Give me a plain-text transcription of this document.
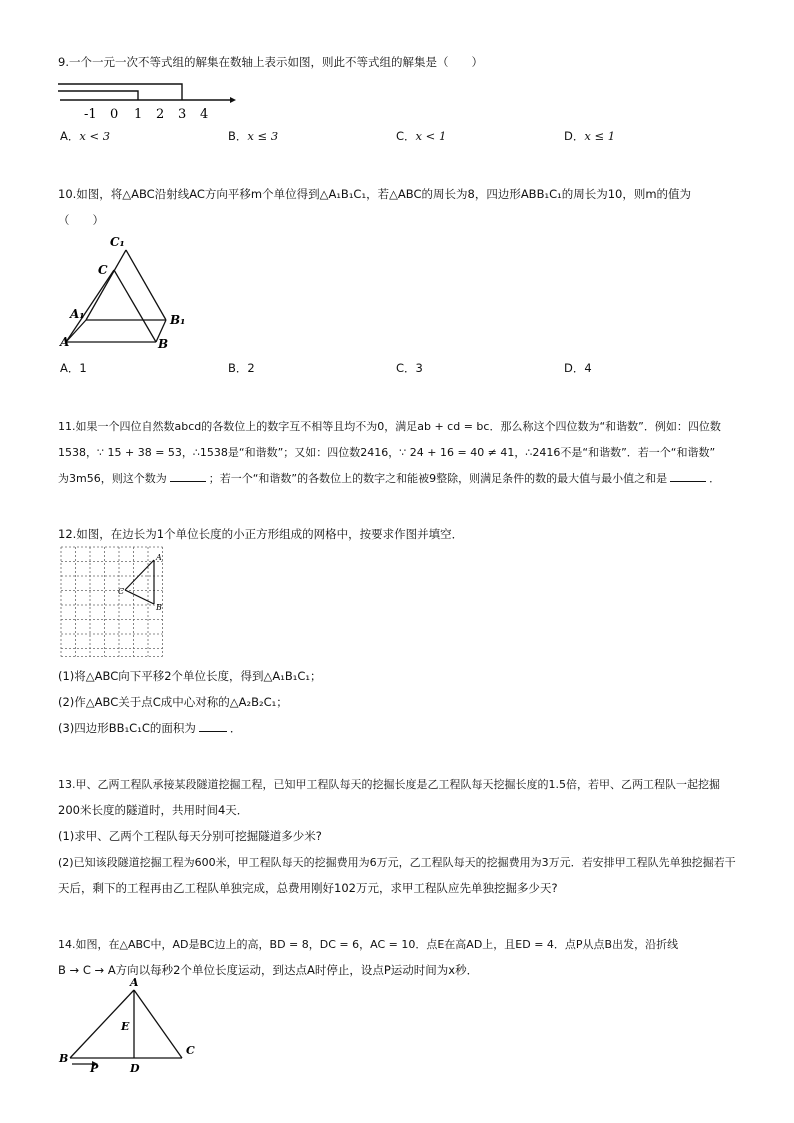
9.一个一元一次不等式组的解集在数轴上表示如图，则此不等式组的解集是（　　）
-1 0 1 2 3 4
A．x < 3	B．x ≤ 3	C．x < 1	D．x ≤ 1
10.如图，将△ABC沿射线AC方向平移m个单位得到△A₁B₁C₁，若△ABC的周长为8，四边形ABB₁C₁的周长为10，则m的值为
（　　）
C₁
C
A₁	B₁
A	B
A．1	B．2	C．3	D．4
11.如果一个四位自然数abcd的各数位上的数字互不相等且均不为0，满足ab + cd = bc．那么称这个四位数为“和谐数”．例如：四位数
1538，∵ 15 + 38 = 53，∴1538是“和谐数”；又如：四位数2416，∵ 24 + 16 = 40 ≠ 41，∴2416不是“和谐数”．若一个“和谐数”
为3m56，则这个数为	；若一个“和谐数”的各数位上的数字之和能被9整除，则满足条件的数的最大值与最小值之和是	．
12.如图，在边长为1个单位长度的小正方形组成的网格中，按要求作图并填空．
A
B
C
(1)将△ABC向下平移2个单位长度，得到△A₁B₁C₁；
(2)作△ABC关于点C成中心对称的△A₂B₂C₁；
(3)四边形BB₁C₁C的面积为	．
13.甲、乙两工程队承接某段隧道挖掘工程，已知甲工程队每天的挖掘长度是乙工程队每天挖掘长度的1.5倍，若甲、乙两工程队一起挖掘
200米长度的隧道时，共用时间4天．
(1)求甲、乙两个工程队每天分别可挖掘隧道多少米?
(2)已知该段隧道挖掘工程为600米，甲工程队每天的挖掘费用为6万元，乙工程队每天的挖掘费用为3万元．若安排甲工程队先单独挖掘若干
天后，剩下的工程再由乙工程队单独完成，总费用刚好102万元，求甲工程队应先单独挖掘多少天?
14.如图，在△ABC中，AD是BC边上的高，BD = 8，DC = 6，AC = 10．点E在高AD上，且ED = 4．点P从点B出发，沿折线
B → C → A方向以每秒2个单位长度运动，到达点A时停止，设点P运动时间为x秒．
A
E
B
P	D
C
